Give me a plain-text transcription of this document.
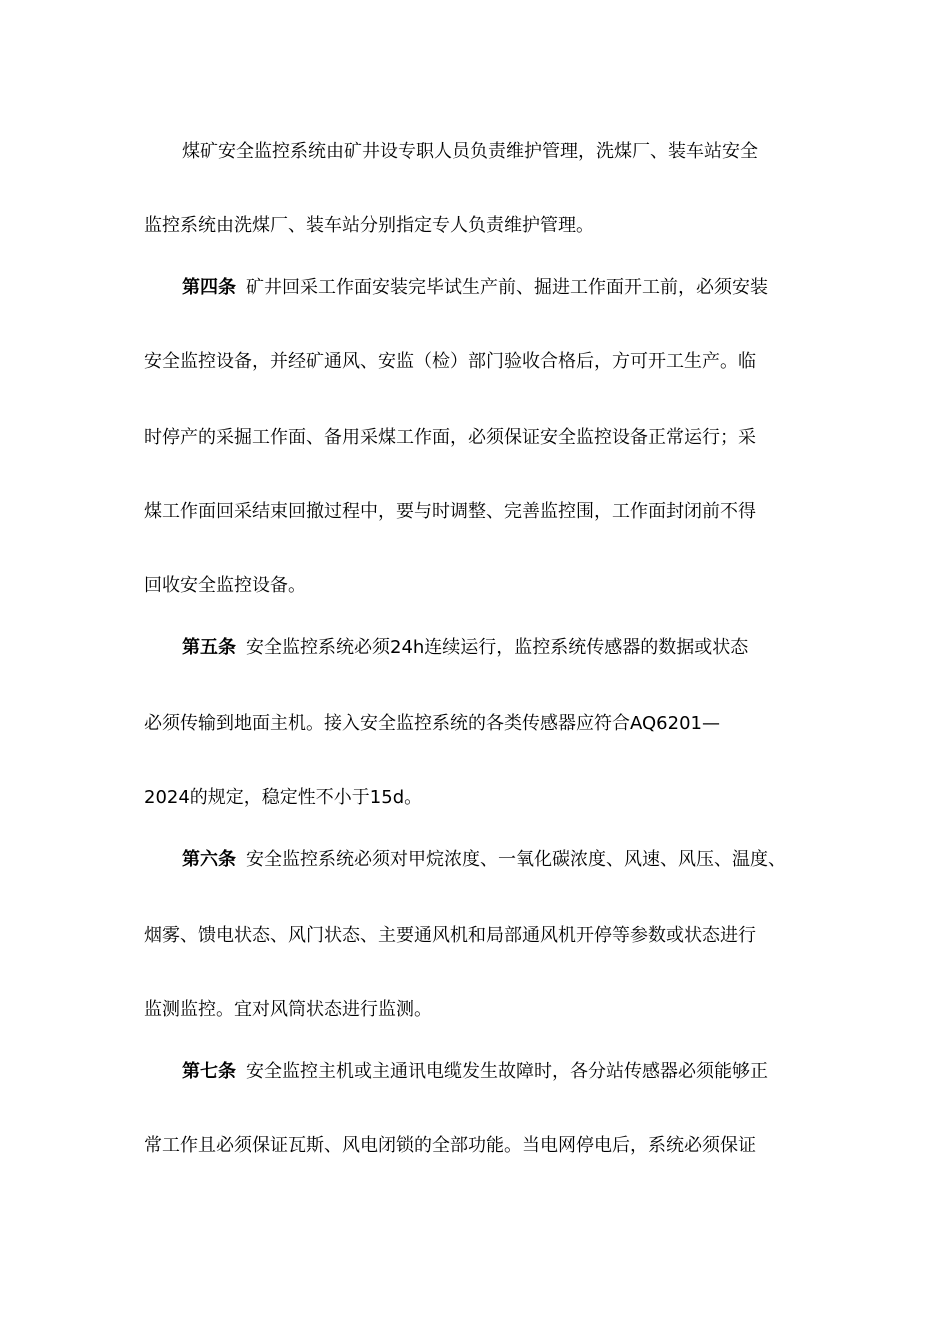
煤矿安全监控系统由矿井设专职人员负责维护管理，洗煤厂、装车站安全
监控系统由洗煤厂、装车站分别指定专人负责维护管理。
第四条 矿井回采工作面安装完毕试生产前、掘进工作面开工前，必须安装
安全监控设备，并经矿通风、安监（检）部门验收合格后，方可开工生产。临
时停产的采掘工作面、备用采煤工作面，必须保证安全监控设备正常运行；采
煤工作面回采结束回撤过程中，要与时调整、完善监控围，工作面封闭前不得
回收安全监控设备。
第五条 安全监控系统必须24h连续运行，监控系统传感器的数据或状态
必须传输到地面主机。接入安全监控系统的各类传感器应符合AQ6201—
2024的规定，稳定性不小于15d。
第六条 安全监控系统必须对甲烷浓度、一氧化碳浓度、风速、风压、温度、
烟雾、馈电状态、风门状态、主要通风机和局部通风机开停等参数或状态进行
监测监控。宜对风筒状态进行监测。
第七条 安全监控主机或主通讯电缆发生故障时，各分站传感器必须能够正
常工作且必须保证瓦斯、风电闭锁的全部功能。当电网停电后，系统必须保证
